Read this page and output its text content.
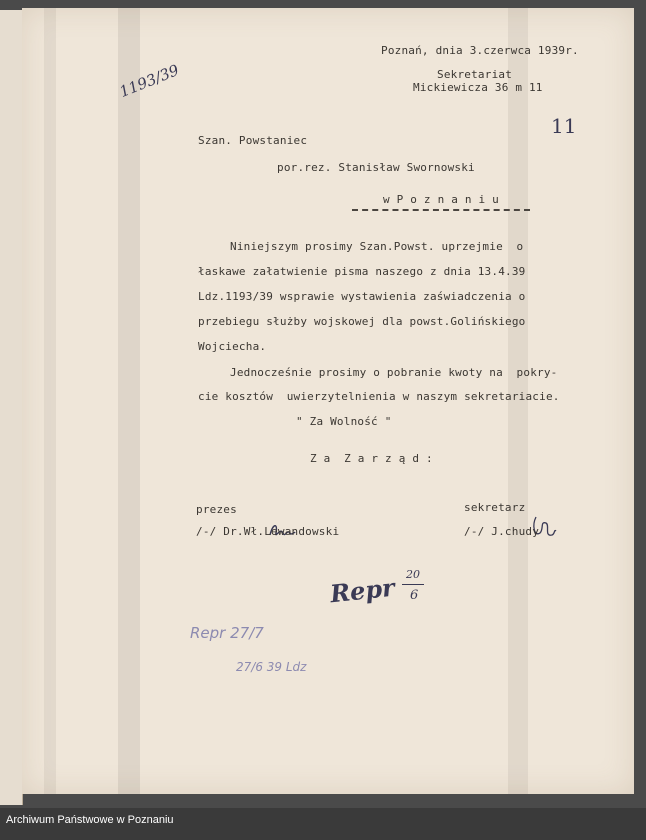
1193/39
Poznań, dnia 3.czerwca 1939r.
Sekretariat
Mickiewicza 36 m 11
11
Szan. Powstaniec
por.rez. Stanisław Swornowski
w P o z n a n i u
Niniejszym prosimy Szan.Powst. uprzejmie  o
łaskawe załatwienie pisma naszego z dnia 13.4.39
Ldz.1193/39 wsprawie wystawienia zaświadczenia o
przebiegu służby wojskowej dla powst.Golińskiego
Wojciecha.
Jednocześnie prosimy o pobranie kwoty na  pokry-
cie kosztów  uwierzytelnienia w naszym sekretariacie.
" Za Wolność "
Z a  Z a r z ą d :
prezes

/-/ Dr.Wł.Lewandowski
sekretarz

/-/ J.chudy
Repr 20
6
Repr 27/7
27/6 39 Ldz
Archiwum Państwowe w Poznaniu
